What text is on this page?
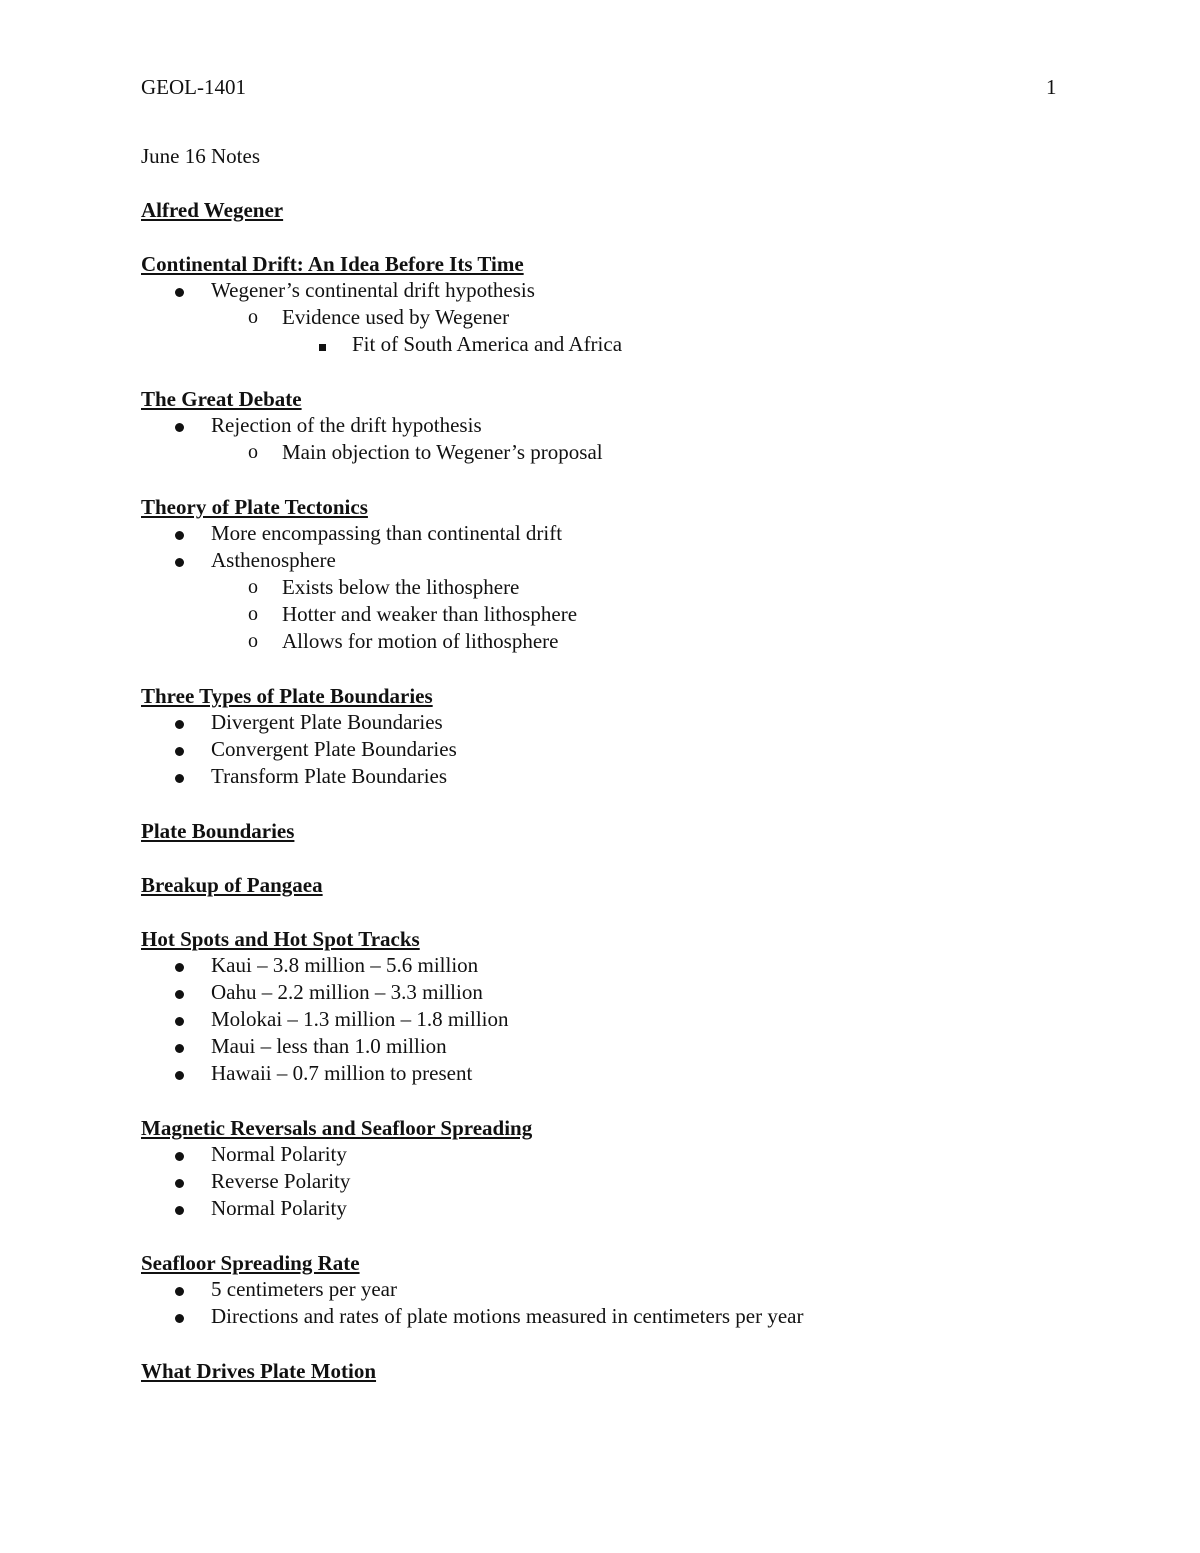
GEOL-1401	1
June 16 Notes
Alfred Wegener
Continental Drift: An Idea Before Its Time
Wegener’s continental drift hypothesis
o Evidence used by Wegener
Fit of South America and Africa
The Great Debate
Rejection of the drift hypothesis
o Main objection to Wegener’s proposal
Theory of Plate Tectonics
More encompassing than continental drift
Asthenosphere
o Exists below the lithosphere
o Hotter and weaker than lithosphere
o Allows for motion of lithosphere
Three Types of Plate Boundaries
Divergent Plate Boundaries
Convergent Plate Boundaries
Transform Plate Boundaries
Plate Boundaries
Breakup of Pangaea
Hot Spots and Hot Spot Tracks
Kaui – 3.8 million – 5.6 million
Oahu – 2.2 million – 3.3 million
Molokai – 1.3 million – 1.8 million
Maui – less than 1.0 million
Hawaii – 0.7 million to present
Magnetic Reversals and Seafloor Spreading
Normal Polarity
Reverse Polarity
Normal Polarity
Seafloor Spreading Rate
5 centimeters per year
Directions and rates of plate motions measured in centimeters per year
What Drives Plate Motion
